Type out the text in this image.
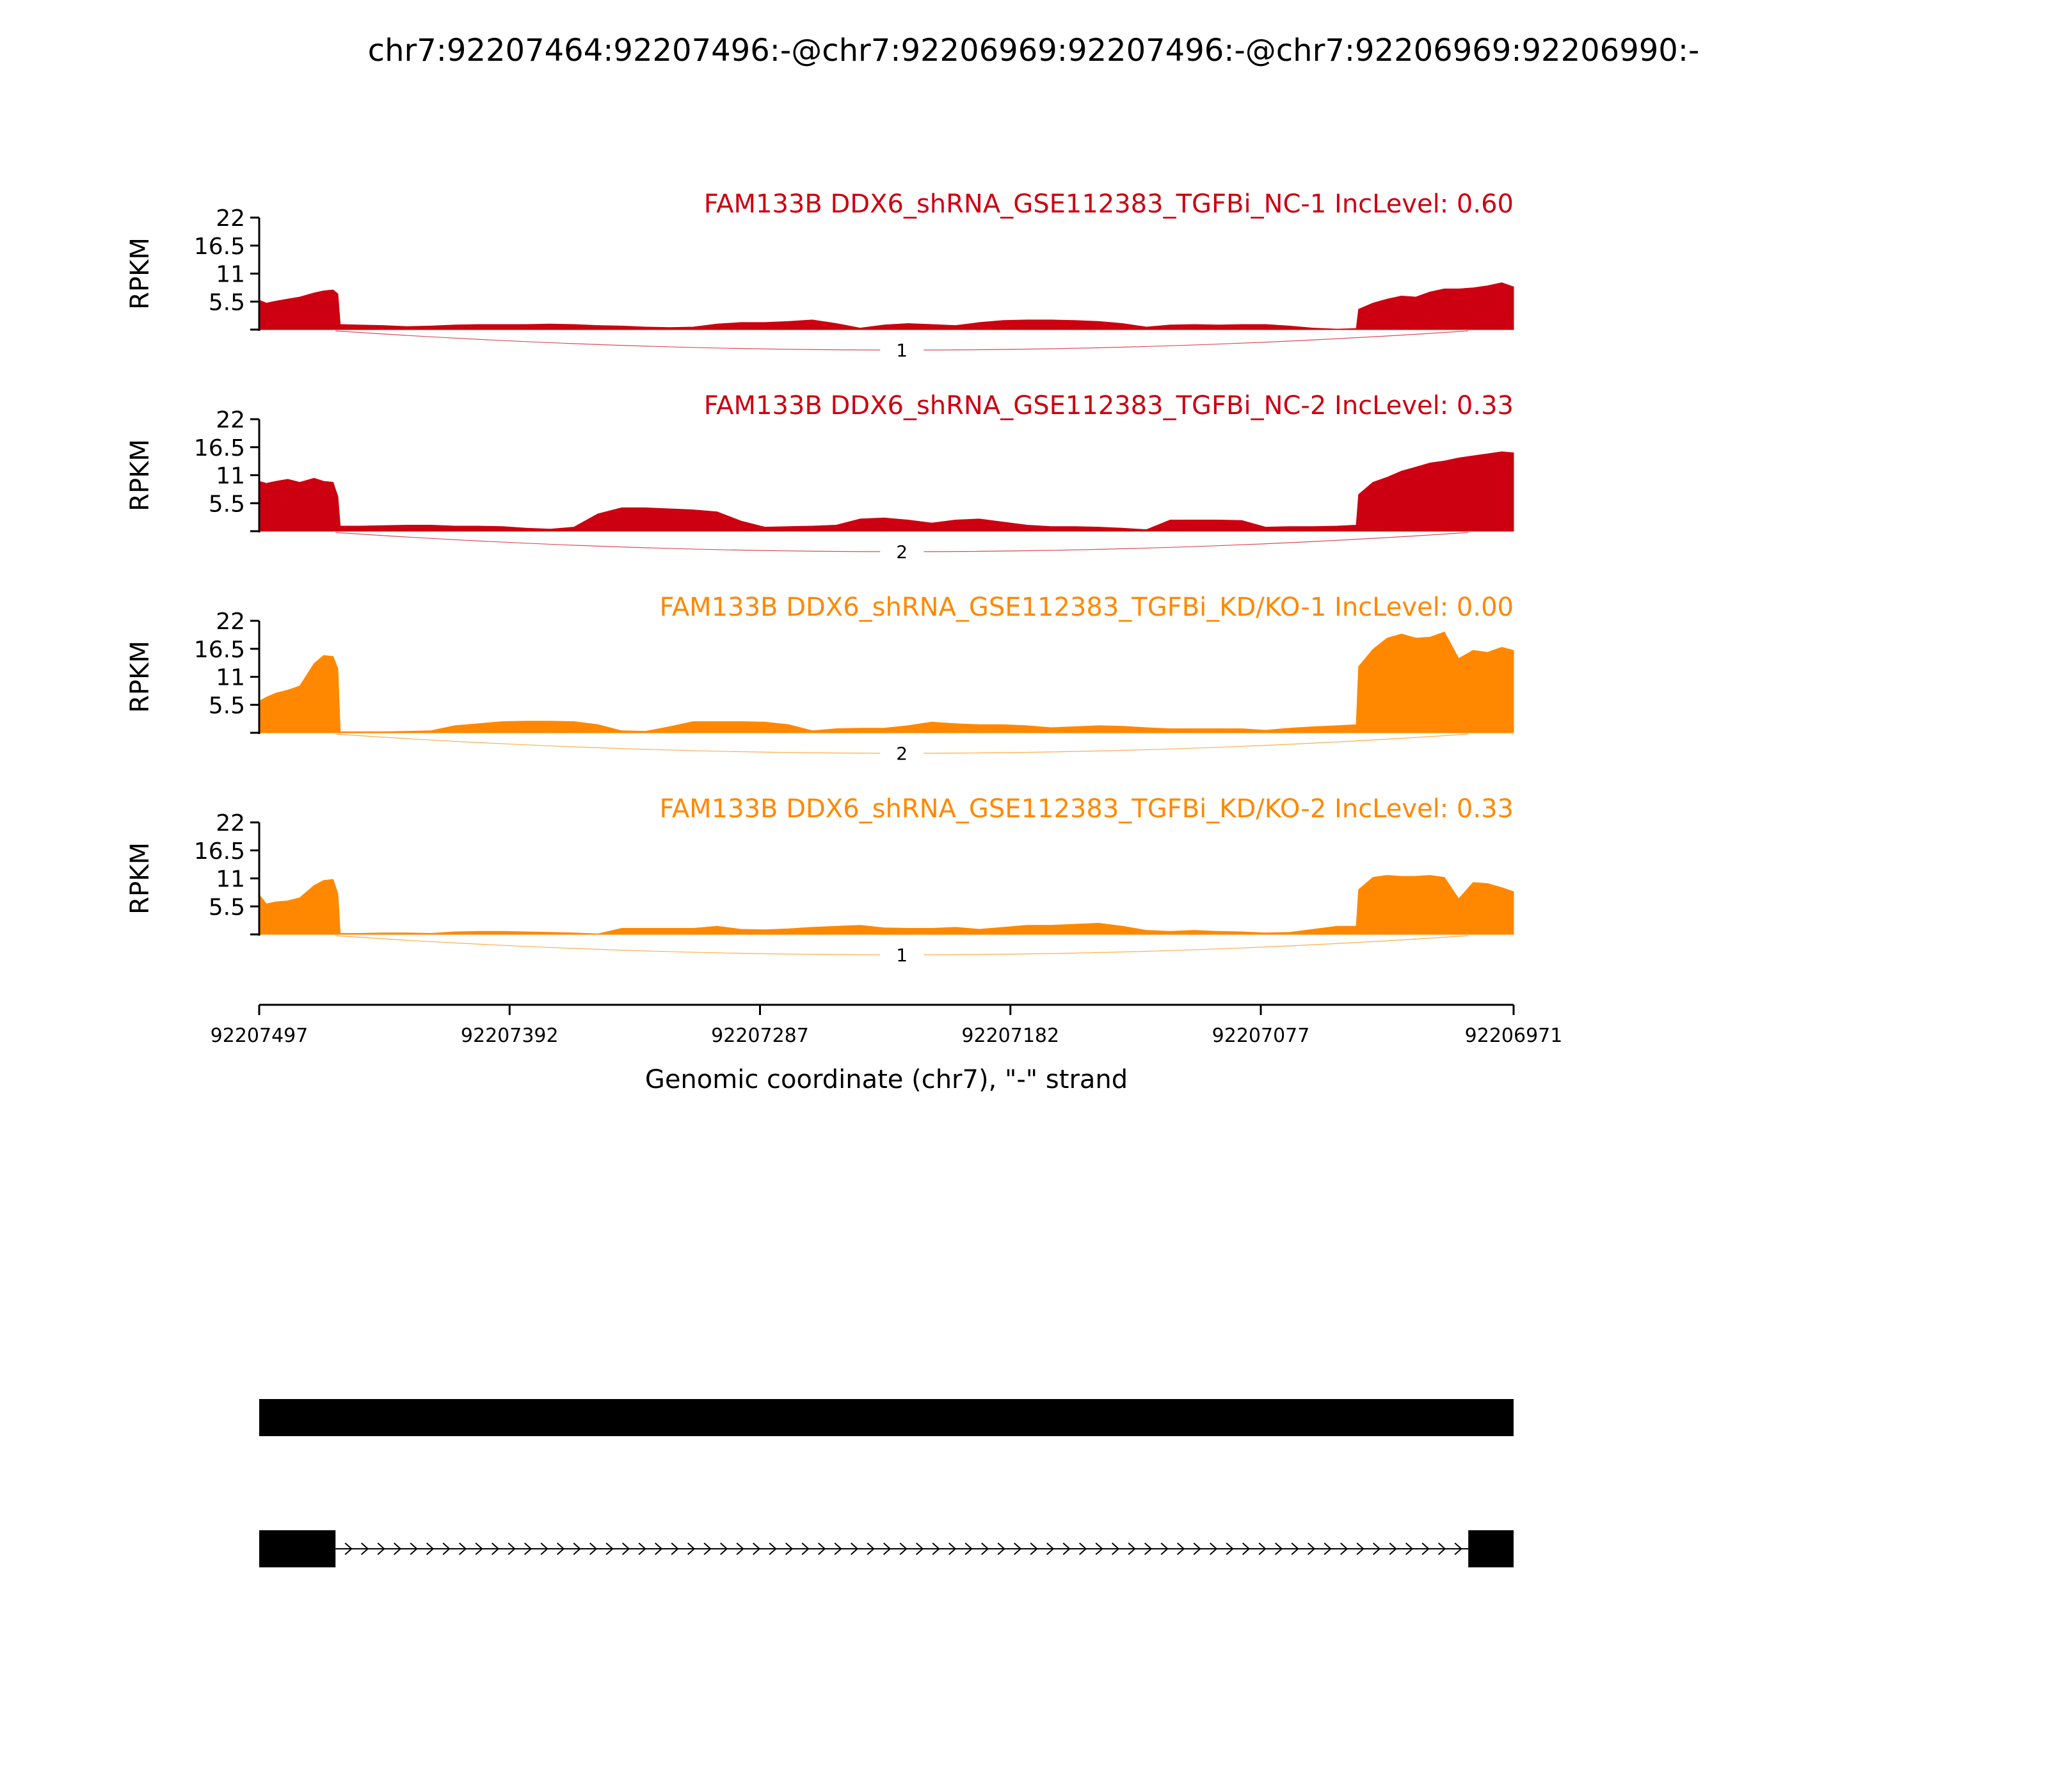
chr7:92207464:92207496:-@chr7:92206969:92207496:-@chr7:92206969:92206990:-
22
16.5
11
5.5
RPKM
FAM133B DDX6_shRNA_GSE112383_TGFBi_NC-1 IncLevel: 0.60
1
22
16.5
11
5.5
RPKM
FAM133B DDX6_shRNA_GSE112383_TGFBi_NC-2 IncLevel: 0.33
2
22
16.5
11
5.5
RPKM
FAM133B DDX6_shRNA_GSE112383_TGFBi_KD/KO-1 IncLevel: 0.00
2
22
16.5
11
5.5
RPKM
FAM133B DDX6_shRNA_GSE112383_TGFBi_KD/KO-2 IncLevel: 0.33
1
92207497	92207392	92207287	92207182	92207077	92206971
Genomic coordinate (chr7), "-" strand
